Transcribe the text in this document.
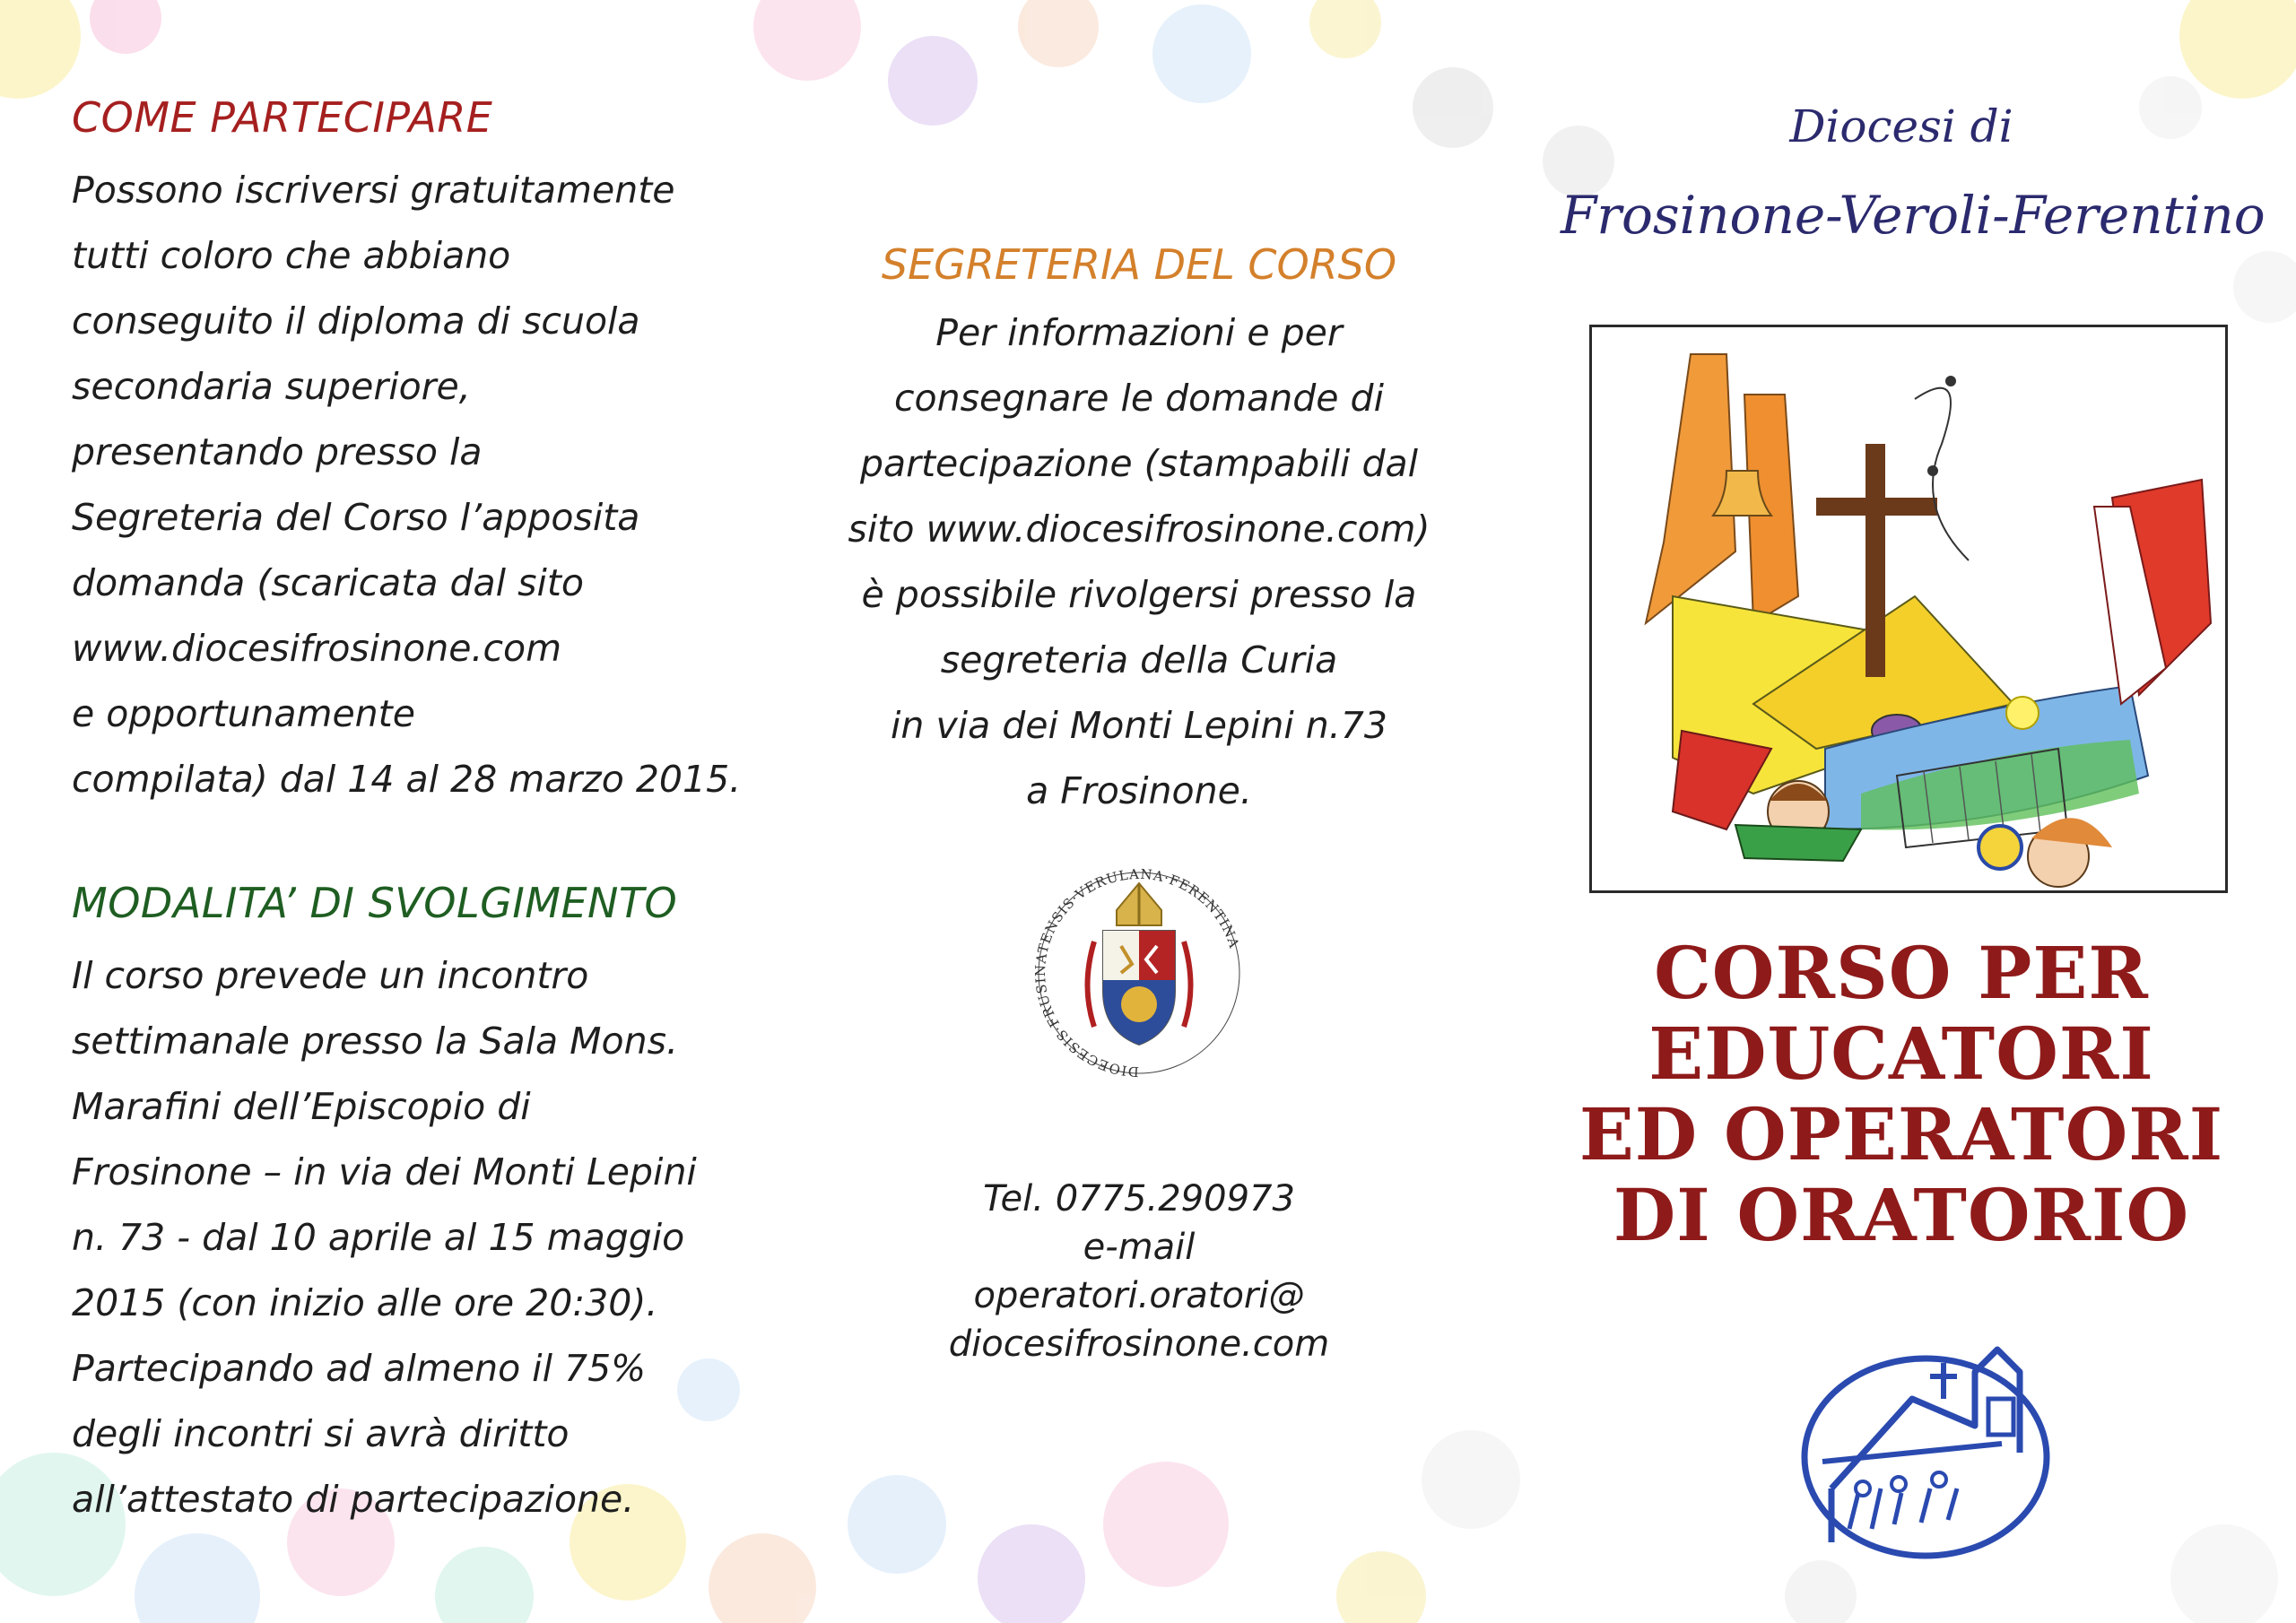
COME PARTECIPARE
Possono iscriversi gratuitamente
tutti coloro che abbiano
conseguito il diploma di scuola
secondaria superiore,
presentando presso la
Segreteria del Corso l’apposita
domanda (scaricata dal sito
www.diocesifrosinone.com
e opportunamente
compilata) dal 14 al 28 marzo 2015.
MODALITA’ DI SVOLGIMENTO
Il corso prevede un incontro
settimanale presso la Sala Mons.
Marafini dell’Episcopio di
Frosinone – in via dei Monti Lepini
n. 73 - dal 10 aprile al 15 maggio
2015 (con inizio alle ore 20:30).
Partecipando ad almeno il 75%
degli incontri si avrà diritto
all’attestato di partecipazione.
SEGRETERIA DEL CORSO
Per informazioni e per
consegnare le domande di
partecipazione (stampabili dal
sito www.diocesifrosinone.com)
è possibile rivolgersi presso la
segreteria della Curia
in via dei Monti Lepini n.73
a Frosinone.
DIOECESIS·FRUSINATENSIS·VERULANA·FERENTINA
Tel. 0775.290973
e-mail
operatori.oratori@
diocesifrosinone.com
Diocesi di
Frosinone-Veroli-Ferentino
CORSO PER
EDUCATORI
ED OPERATORI
DI ORATORIO
